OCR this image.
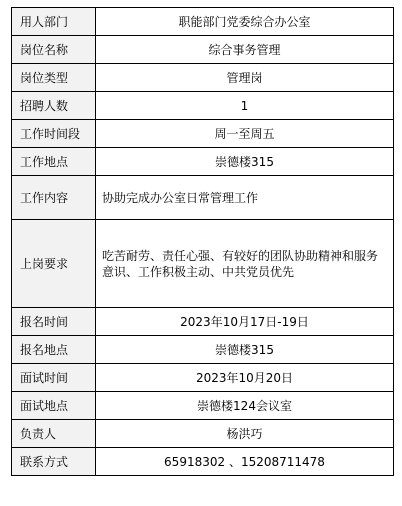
用人部门	职能部门党委综合办公室
岗位名称	综合事务管理
岗位类型	管理岗
招聘人数	1
工作时间段	周一至周五
工作地点	崇德楼315
工作内容	协助完成办公室日常管理工作
上岗要求	吃苦耐劳、责任心强、有较好的团队协助精神和服务意识、工作积极主动、中共党员优先
报名时间	2023年10月17日-19日
报名地点	崇德楼315
面试时间	2023年10月20日
面试地点	崇德楼124会议室
负责人	杨洪巧
联系方式	65918302 、15208711478
